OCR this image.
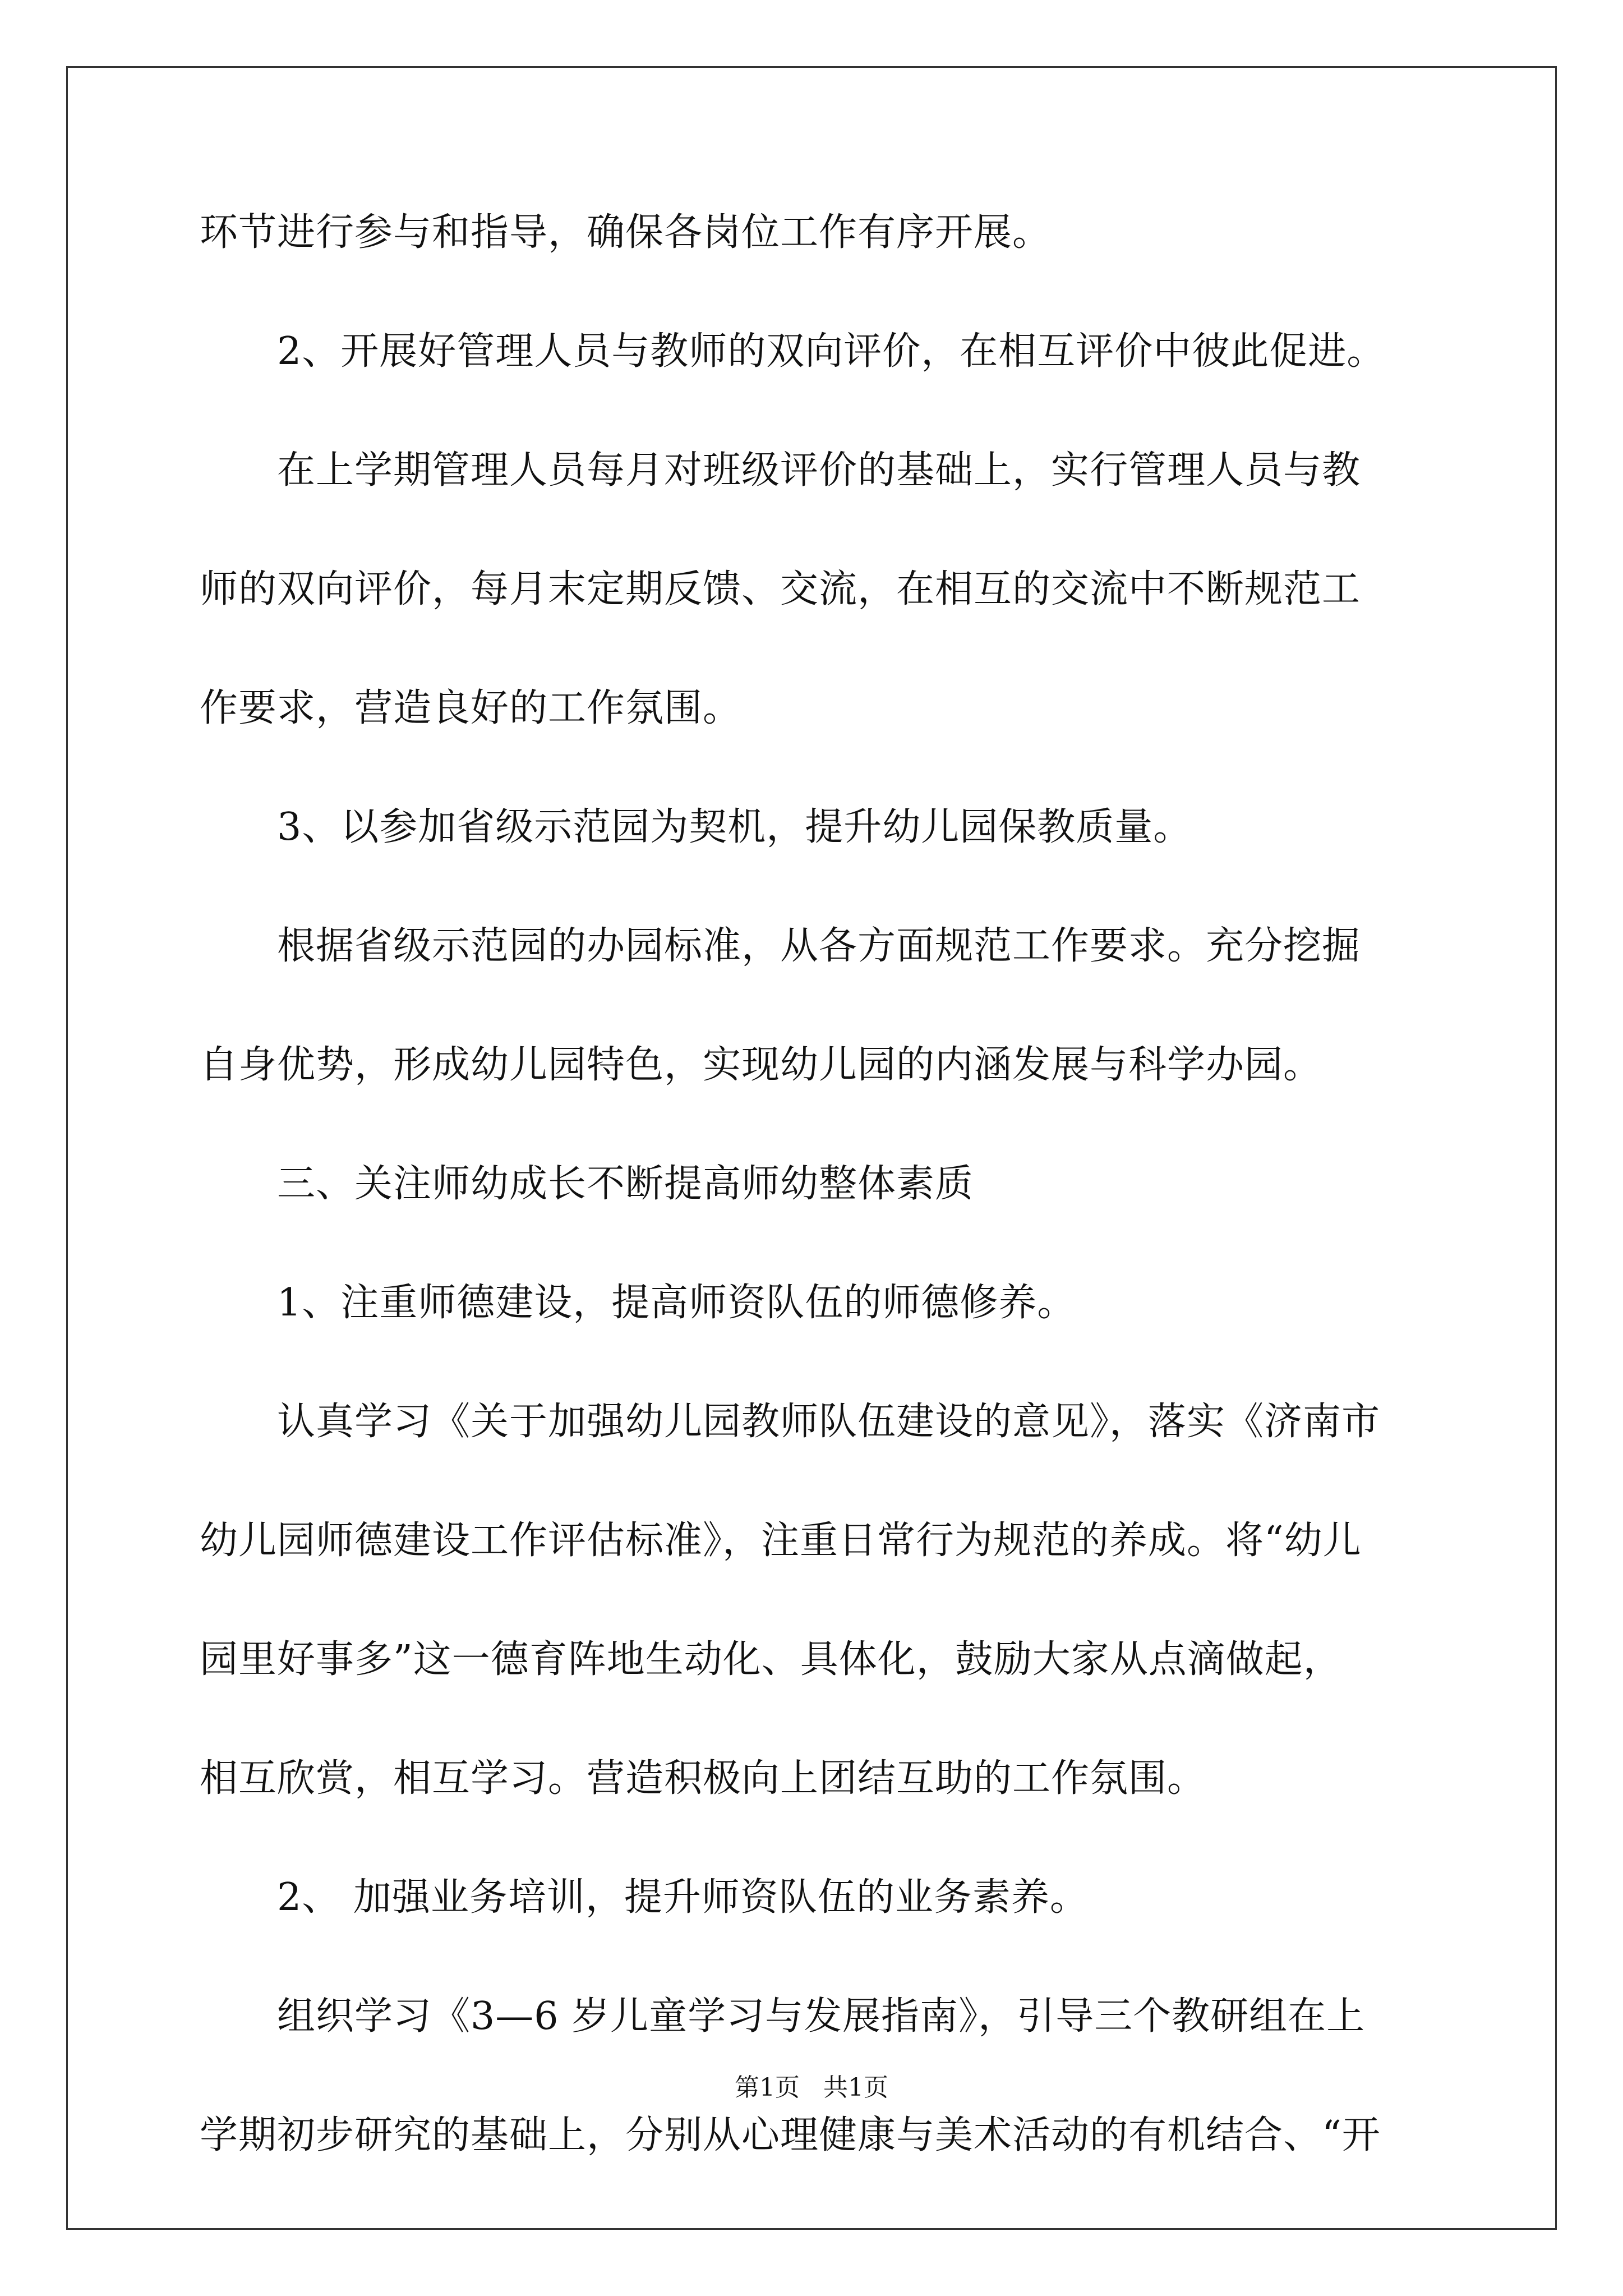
环节进行参与和指导，确保各岗位工作有序开展。
　　2、开展好管理人员与教师的双向评价，在相互评价中彼此促进。
　　在上学期管理人员每月对班级评价的基础上，实行管理人员与教
师的双向评价，每月末定期反馈、交流，在相互的交流中不断规范工
作要求，营造良好的工作氛围。
　　3、以参加省级示范园为契机，提升幼儿园保教质量。
　　根据省级示范园的办园标准，从各方面规范工作要求。充分挖掘
自身优势，形成幼儿园特色，实现幼儿园的内涵发展与科学办园。
　　三、关注师幼成长不断提高师幼整体素质
　　1、注重师德建设，提高师资队伍的师德修养。
　　认真学习《关于加强幼儿园教师队伍建设的意见》，落实《济南市
幼儿园师德建设工作评估标准》，注重日常行为规范的养成。将“幼儿
园里好事多”这一德育阵地生动化、具体化，鼓励大家从点滴做起，
相互欣赏，相互学习。营造积极向上团结互助的工作氛围。
　　2、 加强业务培训，提升师资队伍的业务素养。
　　组织学习《3—6 岁儿童学习与发展指南》，引导三个教研组在上
学期初步研究的基础上，分别从心理健康与美术活动的有机结合、“开
第1页   共1页
